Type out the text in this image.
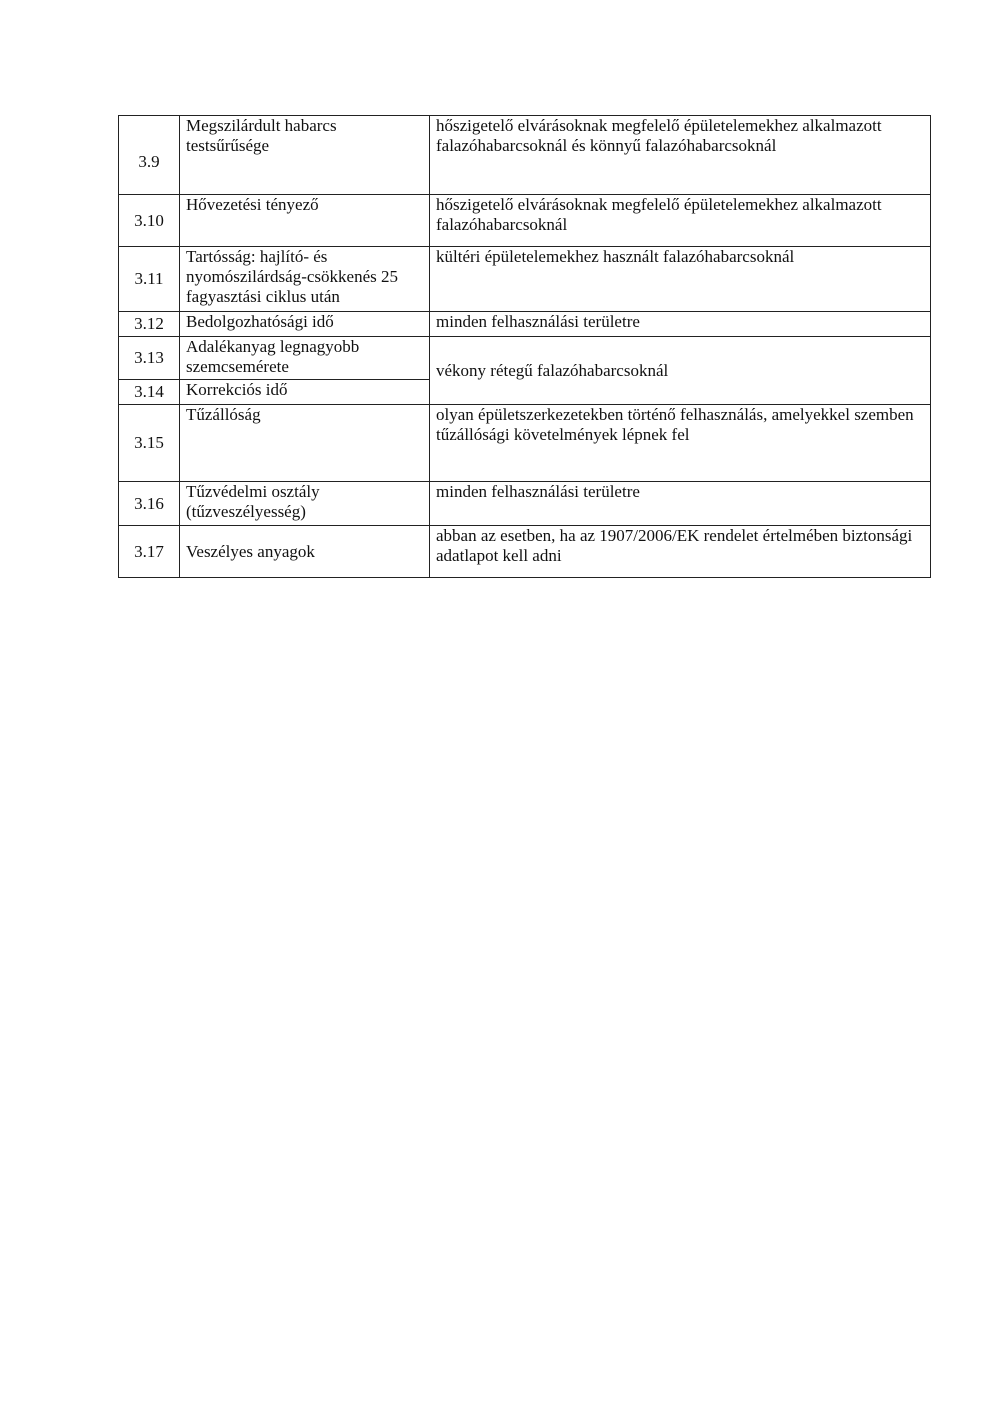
3.9	Megszilárdult habarcs testsűrűsége	hőszigetelő elvárásoknak megfelelő épületelemekhez alkalmazott falazóhabarcsoknál és könnyű falazóhabarcsoknál
3.10	Hővezetési tényező	hőszigetelő elvárásoknak megfelelő épületelemekhez alkalmazott falazóhabarcsoknál
3.11	Tartósság: hajlító- és nyomószilárdság-csökkenés 25 fagyasztási ciklus után	kültéri épületelemekhez használt falazóhabarcsoknál
3.12	Bedolgozhatósági idő	minden felhasználási területre
3.13	Adalékanyag legnagyobb szemcsemérete	vékony rétegű falazóhabarcsoknál
3.14	Korrekciós idő	
3.15	Tűzállóság	olyan épületszerkezetekben történő felhasználás, amelyekkel szemben tűzállósági követelmények lépnek fel
3.16	Tűzvédelmi osztály (tűzveszélyesség)	minden felhasználási területre
3.17	Veszélyes anyagok	abban az esetben, ha az 1907/2006/EK rendelet értelmében biztonsági adatlapot kell adni
